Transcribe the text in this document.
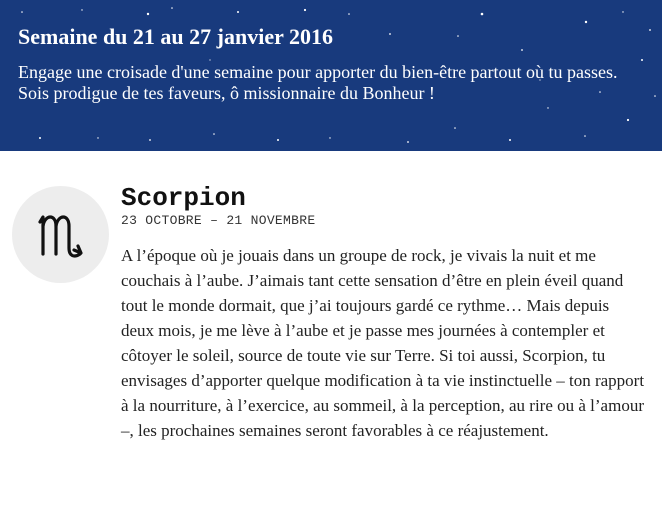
Semaine du 21 au 27 janvier 2016

Engage une croisade d'une semaine pour apporter du bien-être partout où tu passes. Sois prodigue de tes faveurs, ô missionnaire du Bonheur !

Scorpion
23 OCTOBRE – 21 NOVEMBRE

A l’époque où je jouais dans un groupe de rock, je vivais la nuit et me couchais à l’aube. J’aimais tant cette sensation d’être en plein éveil quand tout le monde dormait, que j’ai toujours gardé ce rythme… Mais depuis deux mois, je me lève à l’aube et je passe mes journées à contempler et côtoyer le soleil, source de toute vie sur Terre. Si toi aussi, Scorpion, tu envisages d’apporter quelque modification à ta vie instinctuelle – ton rapport à la nourriture, à l’exercice, au sommeil, à la perception, au rire ou à l’amour –, les prochaines semaines seront favorables à ce réajustement.
